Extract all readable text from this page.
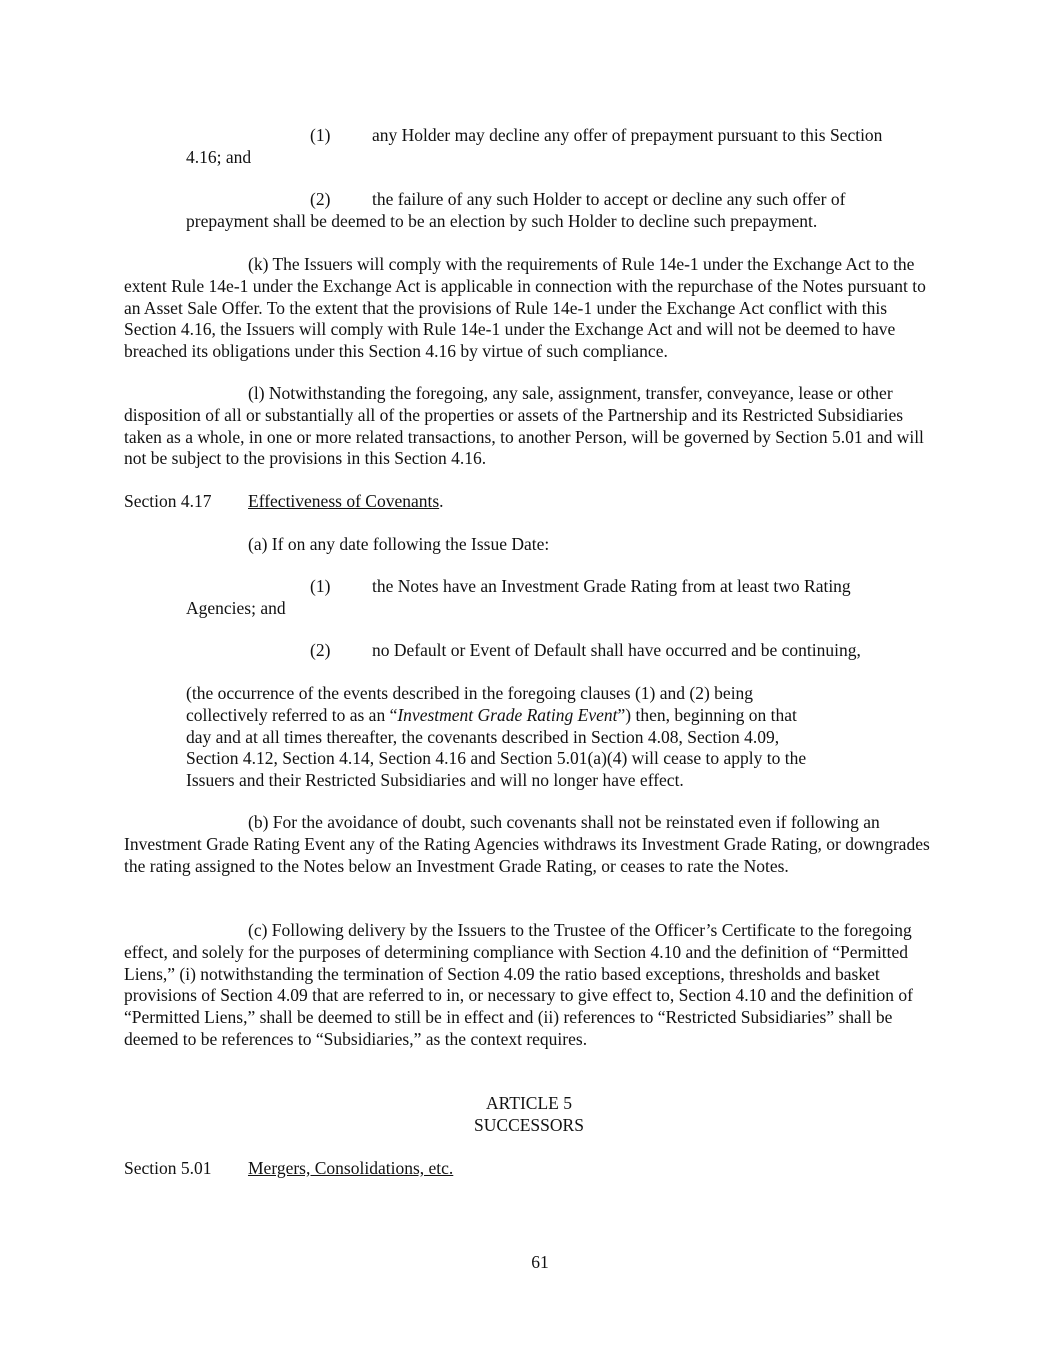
(1) any Holder may decline any offer of prepayment pursuant to this Section

4.16; and

(2) the failure of any such Holder to accept or decline any such offer of

prepayment shall be deemed to be an election by such Holder to decline such prepayment.

(k) The Issuers will comply with the requirements of Rule 14e-1 under the Exchange Act to the extent Rule 14e-1 under the Exchange Act is applicable in connection with the repurchase of the Notes pursuant to an Asset Sale Offer. To the extent that the provisions of Rule 14e-1 under the Exchange Act conflict with this Section 4.16, the Issuers will comply with Rule 14e-1 under the Exchange Act and will not be deemed to have breached its obligations under this Section 4.16 by virtue of such compliance.

(l) Notwithstanding the foregoing, any sale, assignment, transfer, conveyance, lease or other disposition of all or substantially all of the properties or assets of the Partnership and its Restricted Subsidiaries taken as a whole, in one or more related transactions, to another Person, will be governed by Section 5.01 and will not be subject to the provisions in this Section 4.16.

Section 4.17 Effectiveness of Covenants.

(a) If on any date following the Issue Date:

(1) the Notes have an Investment Grade Rating from at least two Rating

Agencies; and

(2) no Default or Event of Default shall have occurred and be continuing,

(the occurrence of the events described in the foregoing clauses (1) and (2) being
collectively referred to as an “Investment Grade Rating Event”) then, beginning on that
day and at all times thereafter, the covenants described in Section 4.08, Section 4.09,
Section 4.12, Section 4.14, Section 4.16 and Section 5.01(a)(4) will cease to apply to the
Issuers and their Restricted Subsidiaries and will no longer have effect.

(b) For the avoidance of doubt, such covenants shall not be reinstated even if following an Investment Grade Rating Event any of the Rating Agencies withdraws its Investment Grade Rating, or downgrades the rating assigned to the Notes below an Investment Grade Rating, or ceases to rate the Notes.

(c) Following delivery by the Issuers to the Trustee of the Officer’s Certificate to the foregoing effect, and solely for the purposes of determining compliance with Section 4.10 and the definition of “Permitted Liens,” (i) notwithstanding the termination of Section 4.09 the ratio based exceptions, thresholds and basket provisions of Section 4.09 that are referred to in, or necessary to give effect to, Section 4.10 and the definition of “Permitted Liens,” shall be deemed to still be in effect and (ii) references to “Restricted Subsidiaries” shall be deemed to be references to “Subsidiaries,” as the context requires.

ARTICLE 5

SUCCESSORS

Section 5.01 Mergers, Consolidations, etc.

61
